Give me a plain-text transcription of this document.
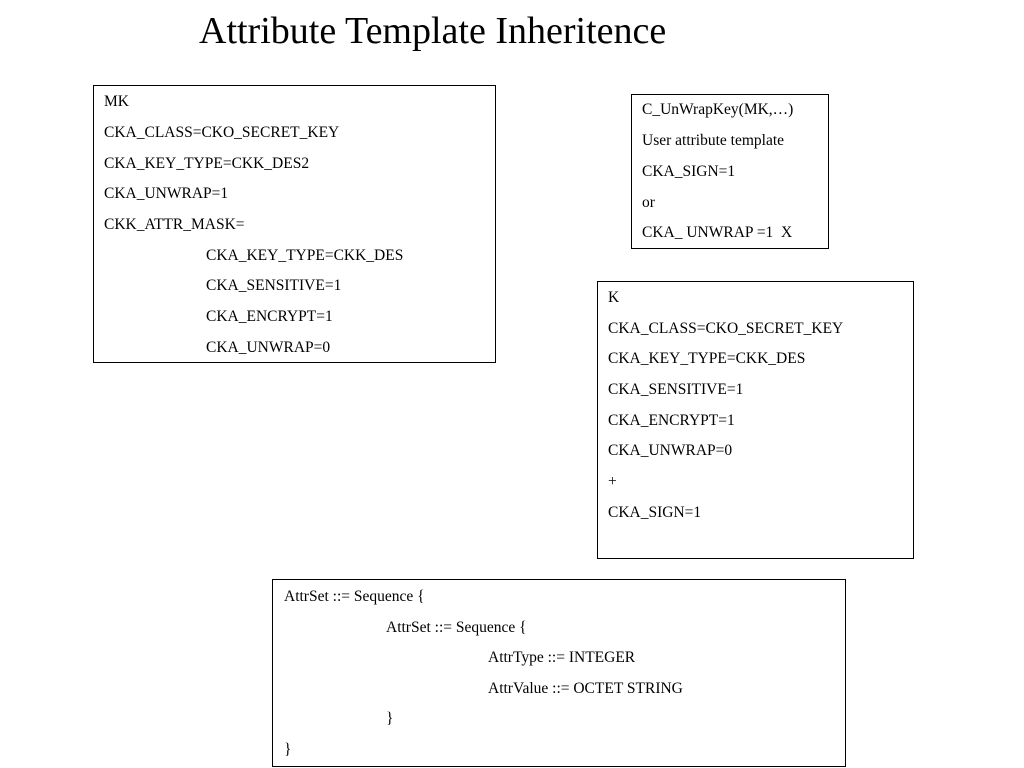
Attribute Template Inheritence
MK
CKA_CLASS=CKO_SECRET_KEY
CKA_KEY_TYPE=CKK_DES2
CKA_UNWRAP=1
CKK_ATTR_MASK=
CKA_KEY_TYPE=CKK_DES
CKA_SENSITIVE=1
CKA_ENCRYPT=1
CKA_UNWRAP=0
C_UnWrapKey(MK,…)
User attribute template
CKA_SIGN=1
or
CKA_ UNWRAP =1  X
K
CKA_CLASS=CKO_SECRET_KEY
CKA_KEY_TYPE=CKK_DES
CKA_SENSITIVE=1
CKA_ENCRYPT=1
CKA_UNWRAP=0
+
CKA_SIGN=1
AttrSet ::= Sequence {
AttrSet ::= Sequence {
AttrType ::= INTEGER
AttrValue ::= OCTET STRING
}
}
